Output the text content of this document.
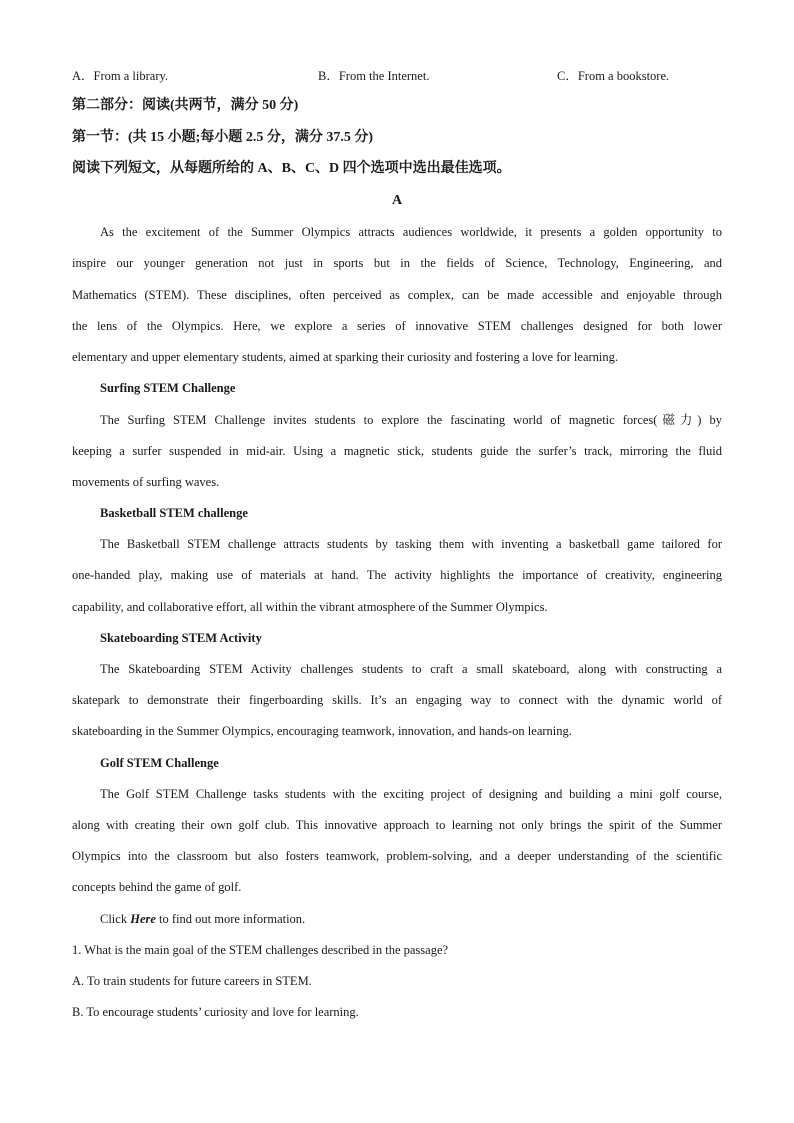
A．From a library.	B．From the Internet.	C．From a bookstore.
第二部分：阅读(共两节，满分 50 分)
第一节：(共 15 小题;每小题 2.5 分，满分 37.5 分)
阅读下列短文，从每题所给的 A、B、C、D 四个选项中选出最佳选项。
A
As the excitement of the Summer Olympics attracts audiences worldwide, it presents a golden opportunity to
inspire our younger generation not just in sports but in the fields of Science, Technology, Engineering, and
Mathematics (STEM). These disciplines, often perceived as complex, can be made accessible and enjoyable through
the lens of the Olympics. Here, we explore a series of innovative STEM challenges designed for both lower
elementary and upper elementary students, aimed at sparking their curiosity and fostering a love for learning.
Surfing STEM Challenge
The Surfing STEM Challenge invites students to explore the fascinating world of magnetic forces(磁力) by
keeping a surfer suspended in mid-air. Using a magnetic stick, students guide the surfer’s track, mirroring the fluid
movements of surfing waves.
Basketball STEM challenge
The Basketball STEM challenge attracts students by tasking them with inventing a basketball game tailored for
one-handed play, making use of materials at hand. The activity highlights the importance of creativity, engineering
capability, and collaborative effort, all within the vibrant atmosphere of the Summer Olympics.
Skateboarding STEM Activity
The Skateboarding STEM Activity challenges students to craft a small skateboard, along with constructing a
skatepark to demonstrate their fingerboarding skills. It’s an engaging way to connect with the dynamic world of
skateboarding in the Summer Olympics, encouraging teamwork, innovation, and hands-on learning.
Golf STEM Challenge
The Golf STEM Challenge tasks students with the exciting project of designing and building a mini golf course,
along with creating their own golf club. This innovative approach to learning not only brings the spirit of the Summer
Olympics into the classroom but also fosters teamwork, problem-solving, and a deeper understanding of the scientific
concepts behind the game of golf.
Click Here to find out more information.
1. What is the main goal of the STEM challenges described in the passage?
A. To train students for future careers in STEM.
B. To encourage students’ curiosity and love for learning.
